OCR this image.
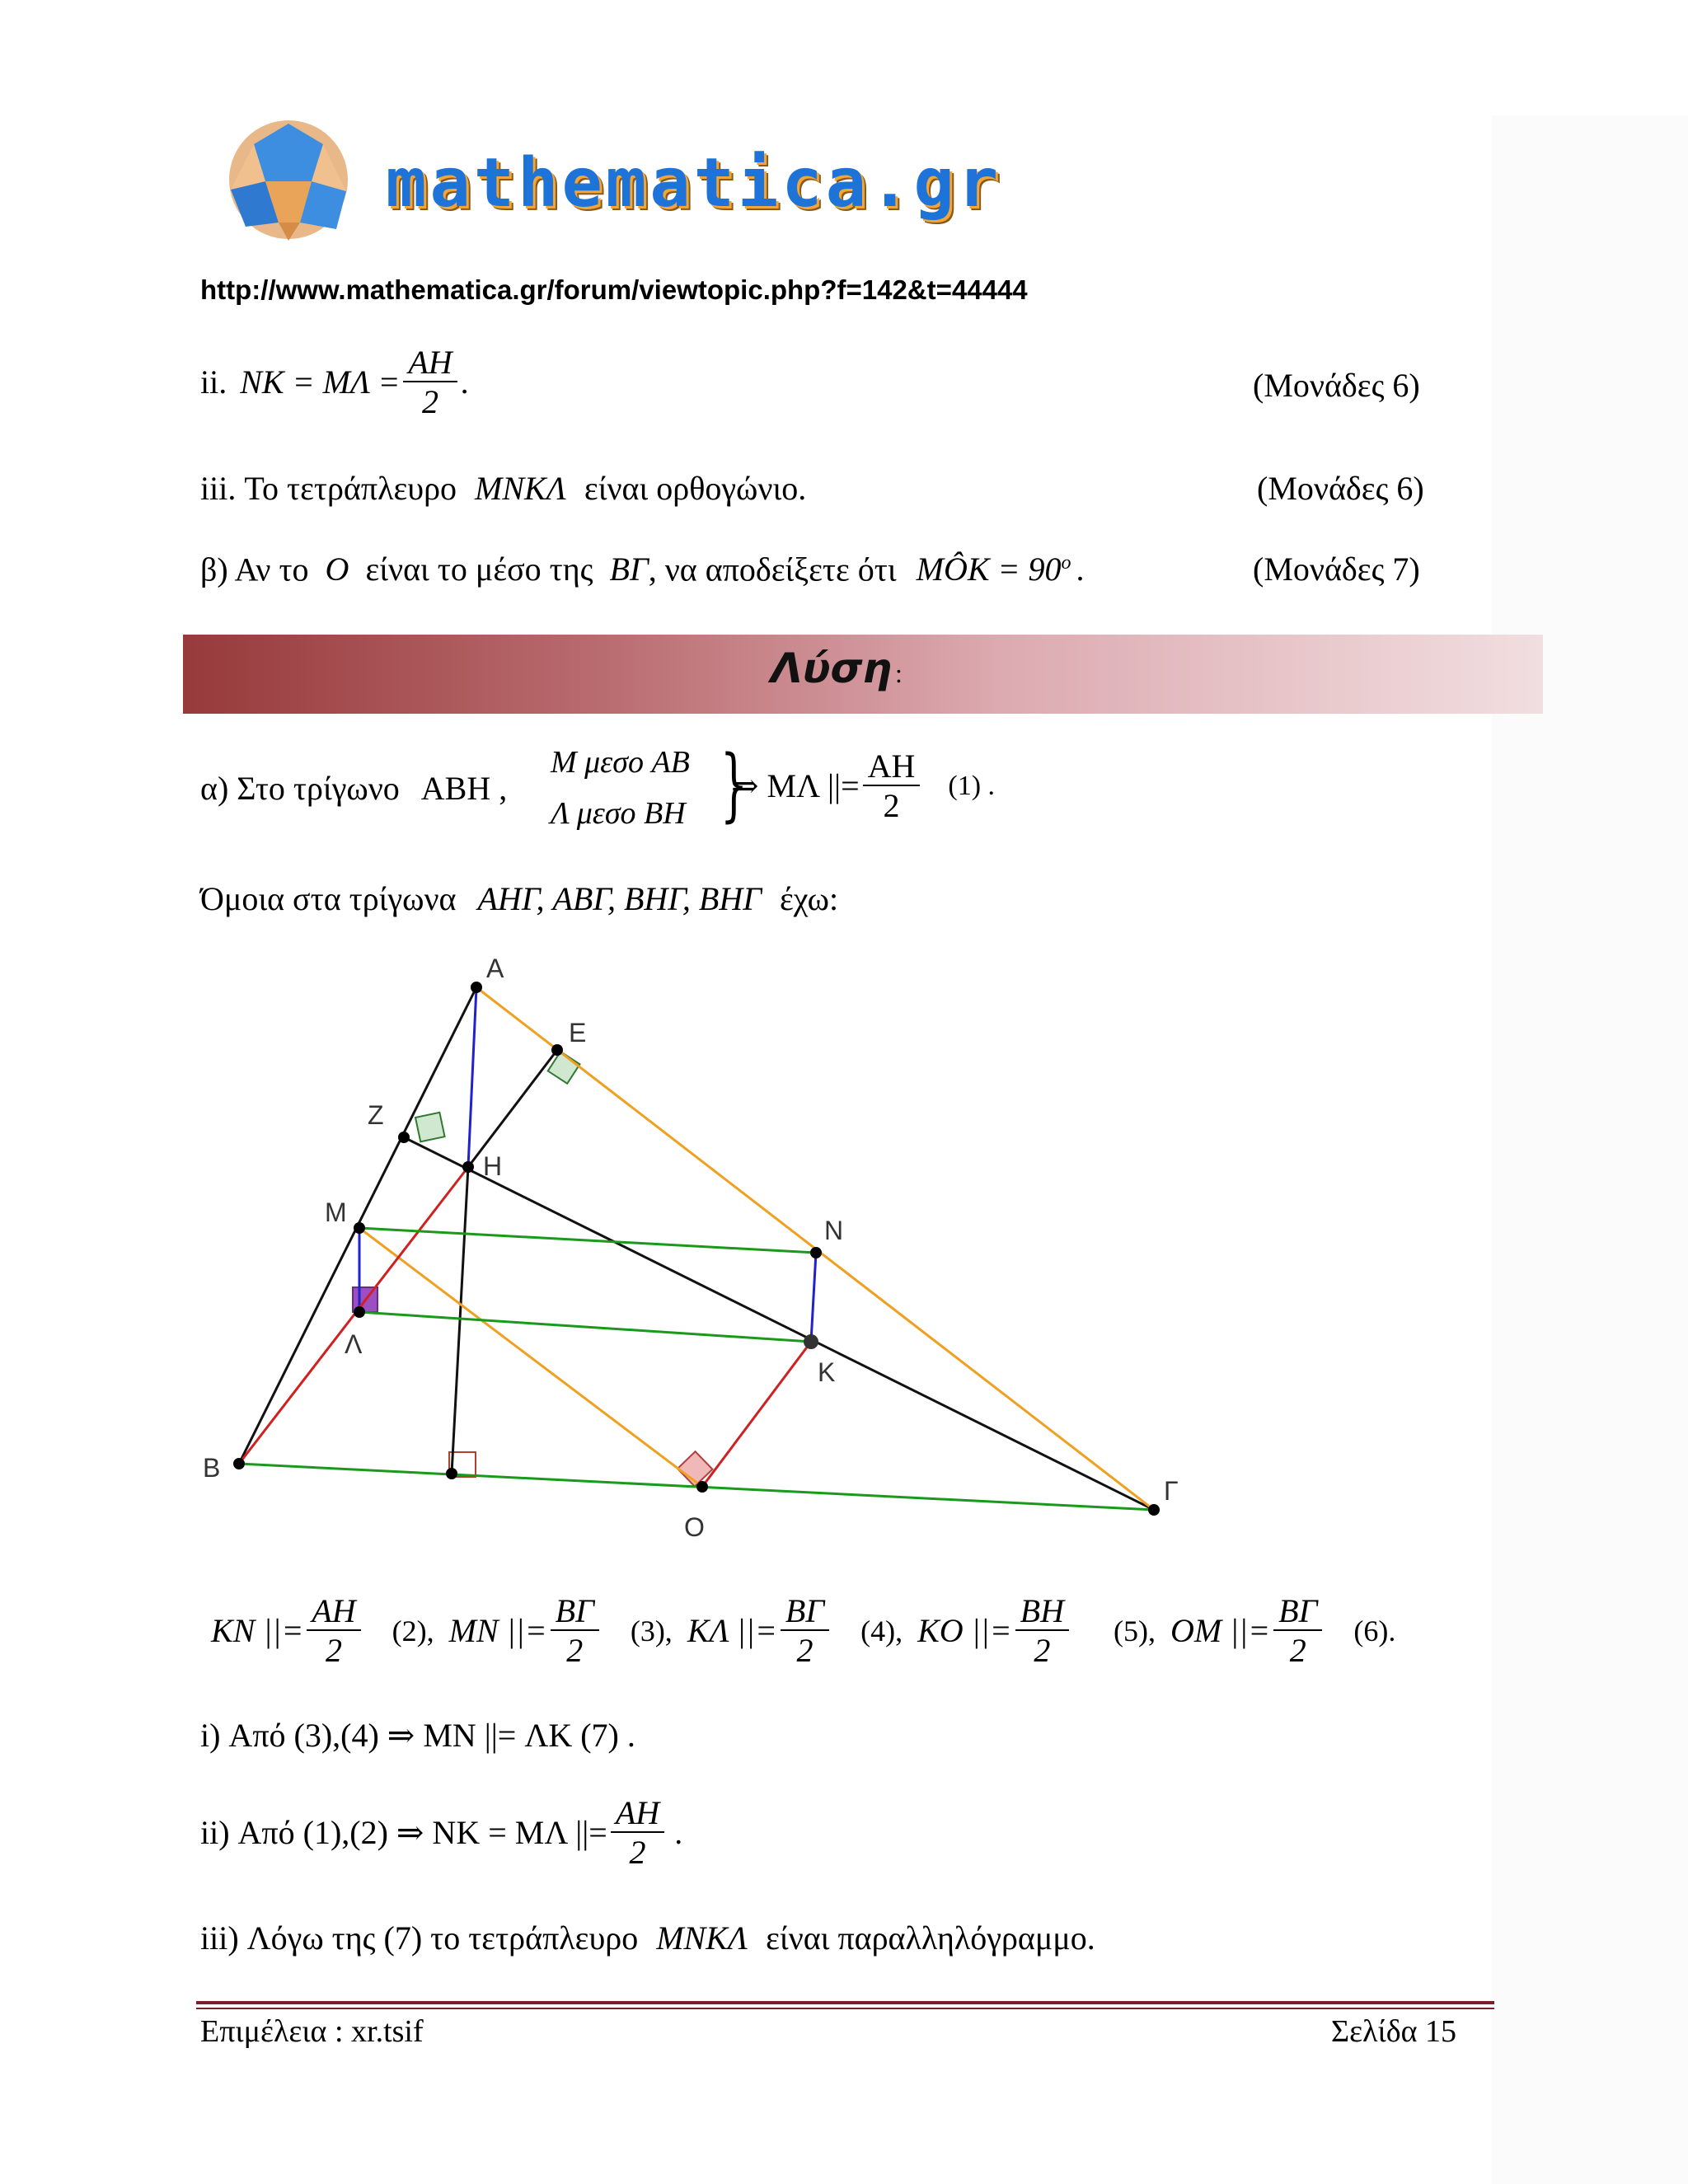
mathematica.gr
http://www.mathematica.gr/forum/viewtopic.php?f=142&t=44444
ii. NK = $M\Lambda = \frac{AH}{2}$ .	(Μονάδες 6)
iii. Το τετράπλευρο MNKΛ είναι ορθογώνιο.	(Μονάδες 6)
β) Αν το O είναι το μέσο της BΓ, να αποδείξετε ότι MÔK = $90^o$ .	(Μονάδες 7)
Λύση :
α) Στο τρίγωνο ΑΒΗ ,
M μεσο AB
Λ μεσο BH }
⇒ ΜΛ ||= $\frac{AH}{2} (1)$ .
Όμοια στα τρίγωνα AHΓ, ABΓ, BHΓ, BHΓ έχω:
A
E
Z
H
M
N
Λ
K
B
Γ
O
KN ||= $\frac{AH}{2} (2)$, MN ||= $\frac{B\Gamma}{2} (3)$, KΛ ||= $\frac{B\Gamma}{2} (4)$, KO ||= $\frac{BH}{2} (5)$, OM ||= $\frac{B\Gamma}{2} (6)$.
i) Από (3),(4) ⇒ MN ||= ΛK (7) .
ii) Από (1),(2) ⇒ NK = MΛ ||= $\frac{AH}{2}$ .
iii) Λόγω της (7) το τετράπλευρο MNKΛ είναι παραλληλόγραμμο.
Επιμέλεια : xr.tsif	Σελίδα 15
